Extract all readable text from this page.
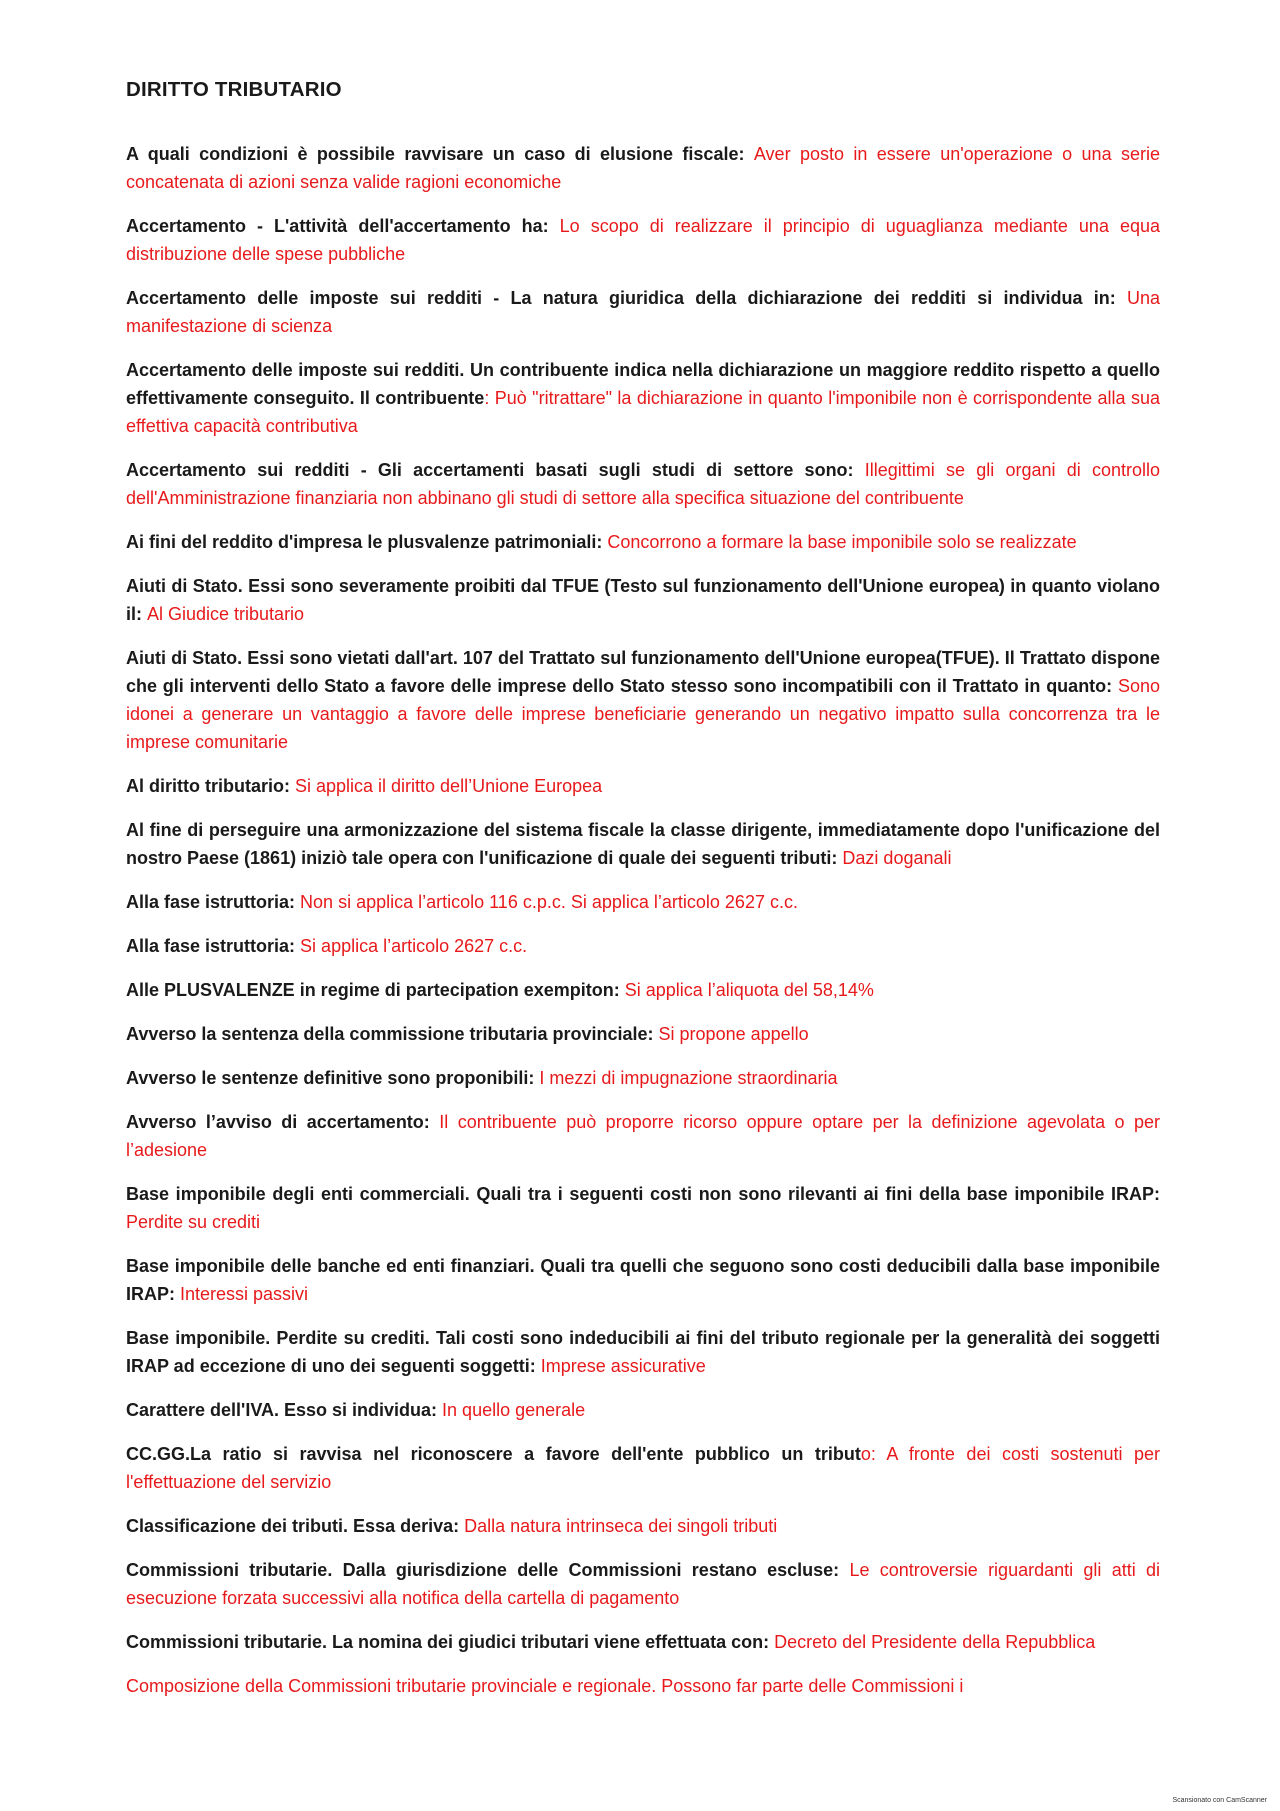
DIRITTO TRIBUTARIO

A quali condizioni è possibile ravvisare un caso di elusione fiscale: Aver posto in essere un'operazione o una serie concatenata di azioni senza valide ragioni economiche

Accertamento - L'attività dell'accertamento ha: Lo scopo di realizzare il principio di uguaglianza mediante una equa distribuzione delle spese pubbliche

Accertamento delle imposte sui redditi - La natura giuridica della dichiarazione dei redditi si individua in: Una manifestazione di scienza

Accertamento delle imposte sui redditi. Un contribuente indica nella dichiarazione un maggiore reddito rispetto a quello effettivamente conseguito. Il contribuente: Può "ritrattare" la dichiarazione in quanto l'imponibile non è corrispondente alla sua effettiva capacità contributiva

Accertamento sui redditi - Gli accertamenti basati sugli studi di settore sono: Illegittimi se gli organi di controllo dell'Amministrazione finanziaria non abbinano gli studi di settore alla specifica situazione del contribuente

Ai fini del reddito d'impresa le plusvalenze patrimoniali: Concorrono a formare la base imponibile solo se realizzate

Aiuti di Stato. Essi sono severamente proibiti dal TFUE (Testo sul funzionamento dell'Unione europea) in quanto violano il: Al Giudice tributario

Aiuti di Stato. Essi sono vietati dall'art. 107 del Trattato sul funzionamento dell'Unione europea(TFUE). Il Trattato dispone che gli interventi dello Stato a favore delle imprese dello Stato stesso sono incompatibili con il Trattato in quanto: Sono idonei a generare un vantaggio a favore delle imprese beneficiarie generando un negativo impatto sulla concorrenza tra le imprese comunitarie

Al diritto tributario: Si applica il diritto dell’Unione Europea

Al fine di perseguire una armonizzazione del sistema fiscale la classe dirigente, immediatamente dopo l'unificazione del nostro Paese (1861) iniziò tale opera con l'unificazione di quale dei seguenti tributi: Dazi doganali

Alla fase istruttoria: Non si applica l’articolo 116 c.p.c. Si applica l’articolo 2627 c.c.

Alla fase istruttoria: Si applica l’articolo 2627 c.c.

Alle PLUSVALENZE in regime di partecipation exempiton: Si applica l’aliquota del 58,14%

Avverso la sentenza della commissione tributaria provinciale: Si propone appello

Avverso le sentenze definitive sono proponibili: I mezzi di impugnazione straordinaria

Avverso l’avviso di accertamento: Il contribuente può proporre ricorso oppure optare per la definizione agevolata o per l’adesione

Base imponibile degli enti commerciali. Quali tra i seguenti costi non sono rilevanti ai fini della base imponibile IRAP: Perdite su crediti

Base imponibile delle banche ed enti finanziari. Quali tra quelli che seguono sono costi deducibili dalla base imponibile IRAP: Interessi passivi

Base imponibile. Perdite su crediti. Tali costi sono indeducibili ai fini del tributo regionale per la generalità dei soggetti IRAP ad eccezione di uno dei seguenti soggetti: Imprese assicurative

Carattere dell'IVA. Esso si individua: In quello generale

CC.GG.La ratio si ravvisa nel riconoscere a favore dell'ente pubblico un tributo: A fronte dei costi sostenuti per l'effettuazione del servizio

Classificazione dei tributi. Essa deriva: Dalla natura intrinseca dei singoli tributi

Commissioni tributarie. Dalla giurisdizione delle Commissioni restano escluse: Le controversie riguardanti gli atti di esecuzione forzata successivi alla notifica della cartella di pagamento

Commissioni tributarie. La nomina dei giudici tributari viene effettuata con: Decreto del Presidente della Repubblica

Composizione della Commissioni tributarie provinciale e regionale. Possono far parte delle Commissioni i

Scansionato con CamScanner
